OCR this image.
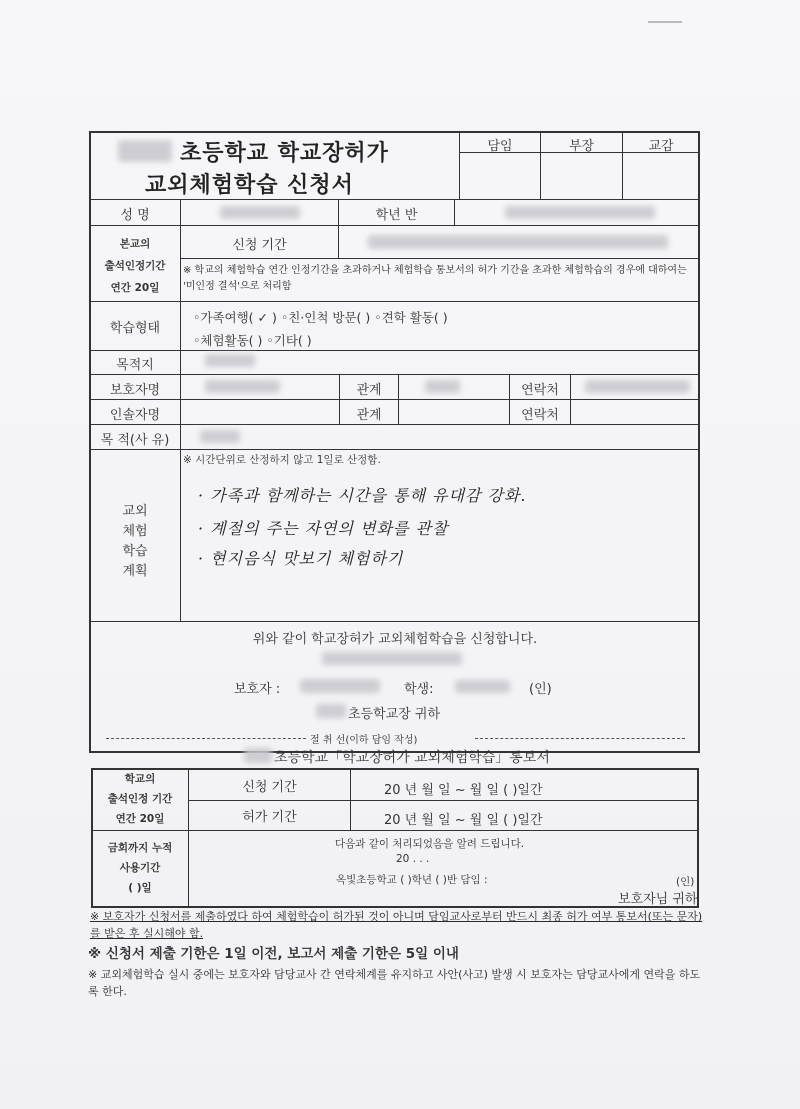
초등학교 학교장허가
교외체험학습 신청서
담임	부장	교감
성 명	학년 반
본교의
출석인정기간
연간 20일
신청 기간
※ 학교의 체험학습 연간 인정기간을 초과하거나 체험학습 통보서의 허가 기간을 초과한 체험학습의 경우에 대하여는 '미인정 결석'으로 처리함
학습형태
◦가족여행( ✓ ) ◦친·인척 방문( ) ◦견학 활동( )
◦체험활동( ) ◦기타( )
목적지
보호자명	관계	연락처
인솔자명	관계	연락처
목 적(사 유)
교외
체험
학습
계획
※ 시간단위로 산정하지 않고 1일로 산정함.
· 가족과 함께하는 시간을 통해 유대감 강화.
· 계절의 주는 자연의 변화를 관찰
· 현지음식 맛보기 체험하기
위와 같이 학교장허가 교외체험학습을 신청합니다.
보호자 :	학생:	(인)
초등학교장 귀하
절 취 선(이하 담임 작성)
초등학교「학교장허가 교외체험학습」통보서
학교의
출석인정 기간
연간 20일
신청 기간	20 년 월 일 ~ 월 일 ( )일간
허가 기간	20 년 월 일 ~ 월 일 ( )일간
금회까지 누적
사용기간
( )일
다음과 같이 처리되었음을 알려 드립니다.
20 . . .
옥빛초등학교 ( )학년 ( )반 담임 :	(인)
보호자님 귀하
※ 보호자가 신청서를 제출하였다 하여 체험학습이 허가된 것이 아니며 담임교사로부터 반드시 최종 허가 여부 통보서(또는 문자)를 받은 후 실시해야 함.
※ 신청서 제출 기한은 1일 이전, 보고서 제출 기한은 5일 이내
※ 교외체험학습 실시 중에는 보호자와 담당교사 간 연락체계를 유지하고 사안(사고) 발생 시 보호자는 담당교사에게 연락을 하도록 한다.
